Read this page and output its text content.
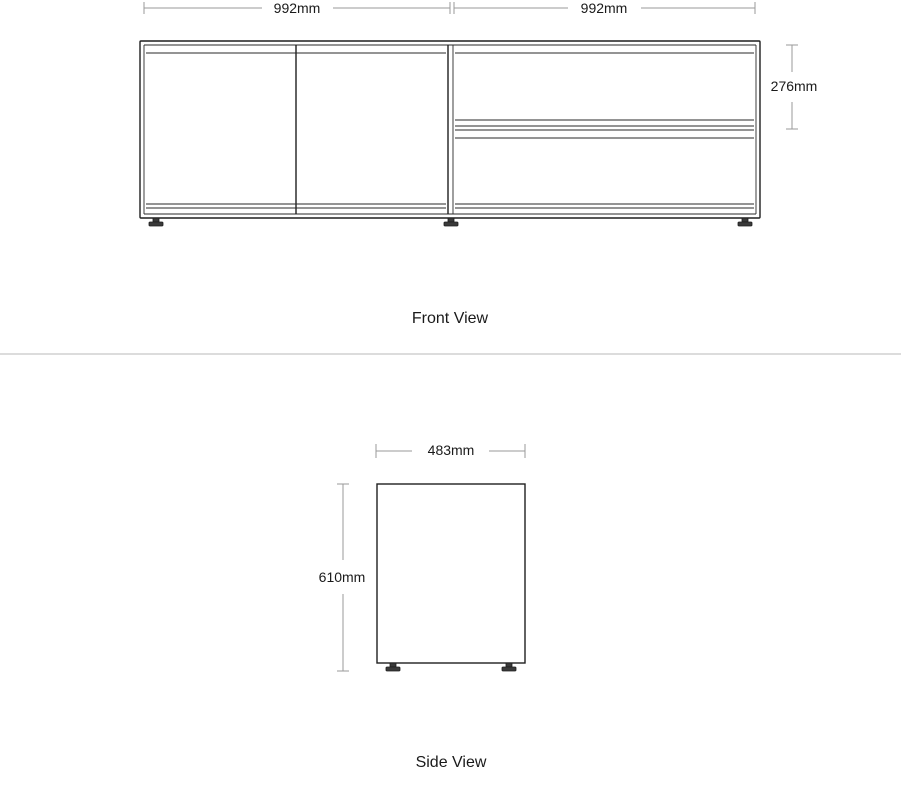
992mm	992mm
276mm
Front View
483mm
610mm
Side View
